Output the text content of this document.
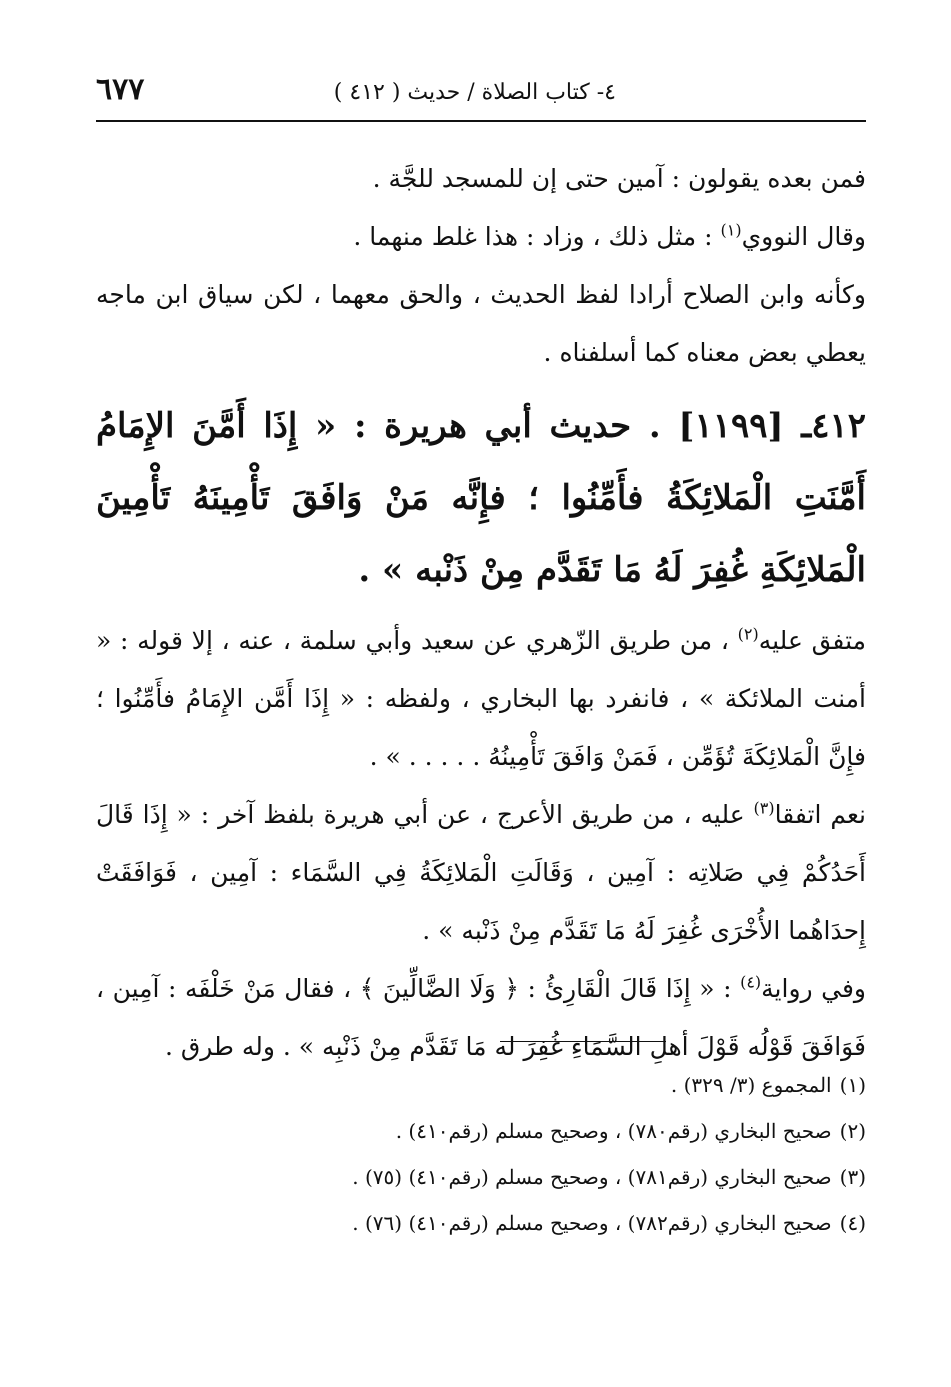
٤- كتاب الصلاة / حديث ( ٤١٢ )
٦٧٧

فمن بعده يقولون : آمين حتى إن للمسجد للجَّة .

وقال النووي$^{(١)}$ : مثل ذلك ، وزاد : هذا غلط منهما .

وكأنه وابن الصلاح أرادا لفظ الحديث ، والحق معهما ، لكن سياق ابن ماجه يعطي بعض معناه كما أسلفناه .

٤١٢ـ [١١٩٩] . حديث أبي هريرة : « إِذَا أَمَّنَ الإِمَامُ أَمَّنَتِ الْمَلائِكَةُ فأَمِّنُوا ؛ فإِنَّه مَنْ وَافَقَ تَأْمِينَهُ تَأْمِينَ الْمَلائِكَةِ غُفِرَ لَهُ مَا تَقَدَّم مِنْ ذَنْبه » .

متفق عليه$^{(٢)}$ ، من طريق الزّهري عن سعيد وأبي سلمة ، عنه ، إلا قوله : « أمنت الملائكة » ، فانفرد بها البخاري ، ولفظه : « إِذَا أَمَّن الإِمَامُ فأَمِّنُوا ؛ فإِنَّ الْمَلائِكَةَ تُؤَمِّن ، فَمَنْ وَافَقَ تَأْمِينُهُ . . . . . » .

نعم اتفقا$^{(٣)}$ عليه ، من طريق الأعرج ، عن أبي هريرة بلفظ آخر : « إِذَا قَالَ أَحَدُكُمْ فِي صَلاتِه : آمِين ، وَقَالَتِ الْمَلائِكَةُ فِي السَّمَاء : آمِين ، فَوَافَقَتْ إِحدَاهُما الأُخْرَى غُفِرَ لَهُ مَا تَقَدَّم مِنْ ذَنْبه » .

وفي رواية$^{(٤)}$ : « إِذَا قَالَ الْقَارِئُ : ﴿ وَلَا الضَّالِّينَ ﴾ ، فقال مَنْ خَلْفَه : آمِين ، فَوَافَقَ قَوْلُه قَوْلَ أهلِ السَّمَاءِ غُفِرَ له مَا تَقَدَّم مِنْ ذَنْبِه » . وله طرق .

(١)المجموع (٣/ ٣٢٩) .
(٢)صحيح البخاري (رقم٧٨٠) ، وصحيح مسلم (رقم٤١٠) .
(٣)صحيح البخاري (رقم٧٨١) ، وصحيح مسلم (رقم٤١٠) (٧٥) .
(٤)صحيح البخاري (رقم٧٨٢) ، وصحيح مسلم (رقم٤١٠) (٧٦) .
